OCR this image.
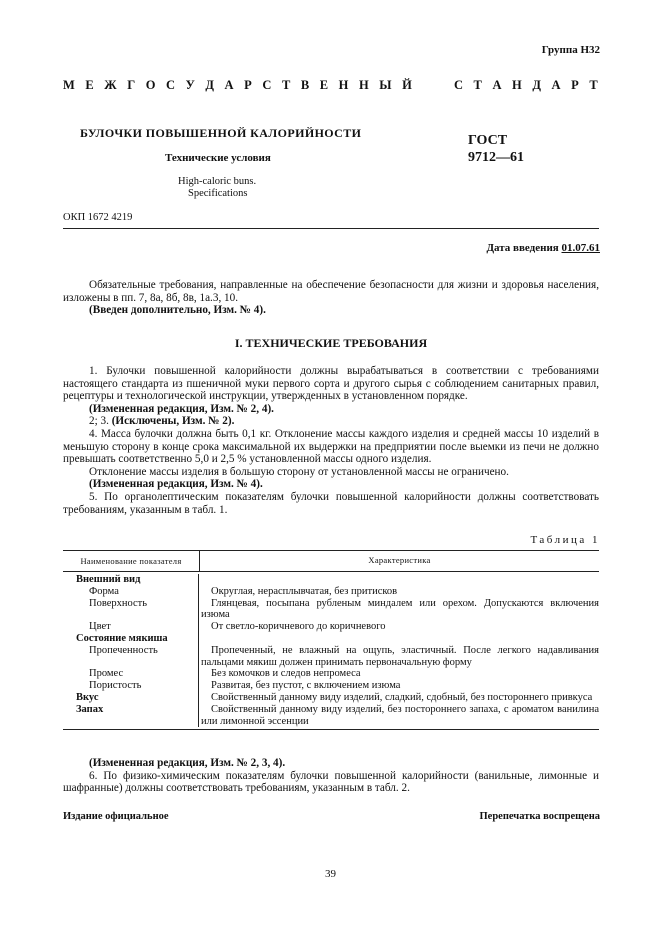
Группа Н32
М Е Ж Г О С У Д А Р С Т В Е Н Н Ы Й	С Т А Н Д А Р Т
БУЛОЧКИ ПОВЫШЕННОЙ КАЛОРИЙНОСТИ
Технические условия
High-caloric buns.
Specifications
ГОСТ
9712—61
ОКП 1672 4219
Дата введения 01.07.61
Обязательные требования, направленные на обеспечение безопасности для жизни и здоровья населения, изложены в пп. 7, 8а, 8б, 8в, 1а.3, 10.
(Введен дополнительно, Изм. № 4).
I. ТЕХНИЧЕСКИЕ ТРЕБОВАНИЯ
1. Булочки повышенной калорийности должны вырабатываться в соответствии с требованиями настоящего стандарта из пшеничной муки первого сорта и другого сырья с соблюдением санитарных правил, рецептуры и технологической инструкции, утвержденных в установленном порядке.
(Измененная редакция, Изм. № 2, 4).
2; 3. (Исключены, Изм. № 2).
4. Масса булочки должна быть 0,1 кг. Отклонение массы каждого изделия и средней массы 10 изделий в меньшую сторону в конце срока максимальной их выдержки на предприятии после выемки из печи не должно превышать соответственно 5,0 и 2,5 % установленной массы одного изделия.
Отклонение массы изделия в большую сторону от установленной массы не ограничено.
(Измененная редакция, Изм. № 4).
5. По органолептическим показателям булочки повышенной калорийности должны соответствовать требованиям, указанным в табл. 1.
Таблица 1
Наименование показателя	Характеристика
Внешний вид
Форма	Округлая, нерасплывчатая, без притисков
Поверхность	Глянцевая, посыпана рубленым миндалем или орехом. Допускаются включения изюма
Цвет	От светло-коричневого до коричневого
Состояние мякиша
Пропеченность	Пропеченный, не влажный на ощупь, эластичный. После легкого надавливания пальцами мякиш должен принимать первоначальную форму
Промес	Без комочков и следов непромеса
Пористость	Развитая, без пустот, с включением изюма
Вкус	Свойственный данному виду изделий, сладкий, сдобный, без постороннего привкуса
Запах	Свойственный данному виду изделий, без постороннего запаха, с ароматом ванилина или лимонной эссенции
(Измененная редакция, Изм. № 2, 3, 4).
6. По физико-химическим показателям булочки повышенной калорийности (ванильные, лимонные и шафранные) должны соответствовать требованиям, указанным в табл. 2.
Издание официальное	Перепечатка воспрещена
39
